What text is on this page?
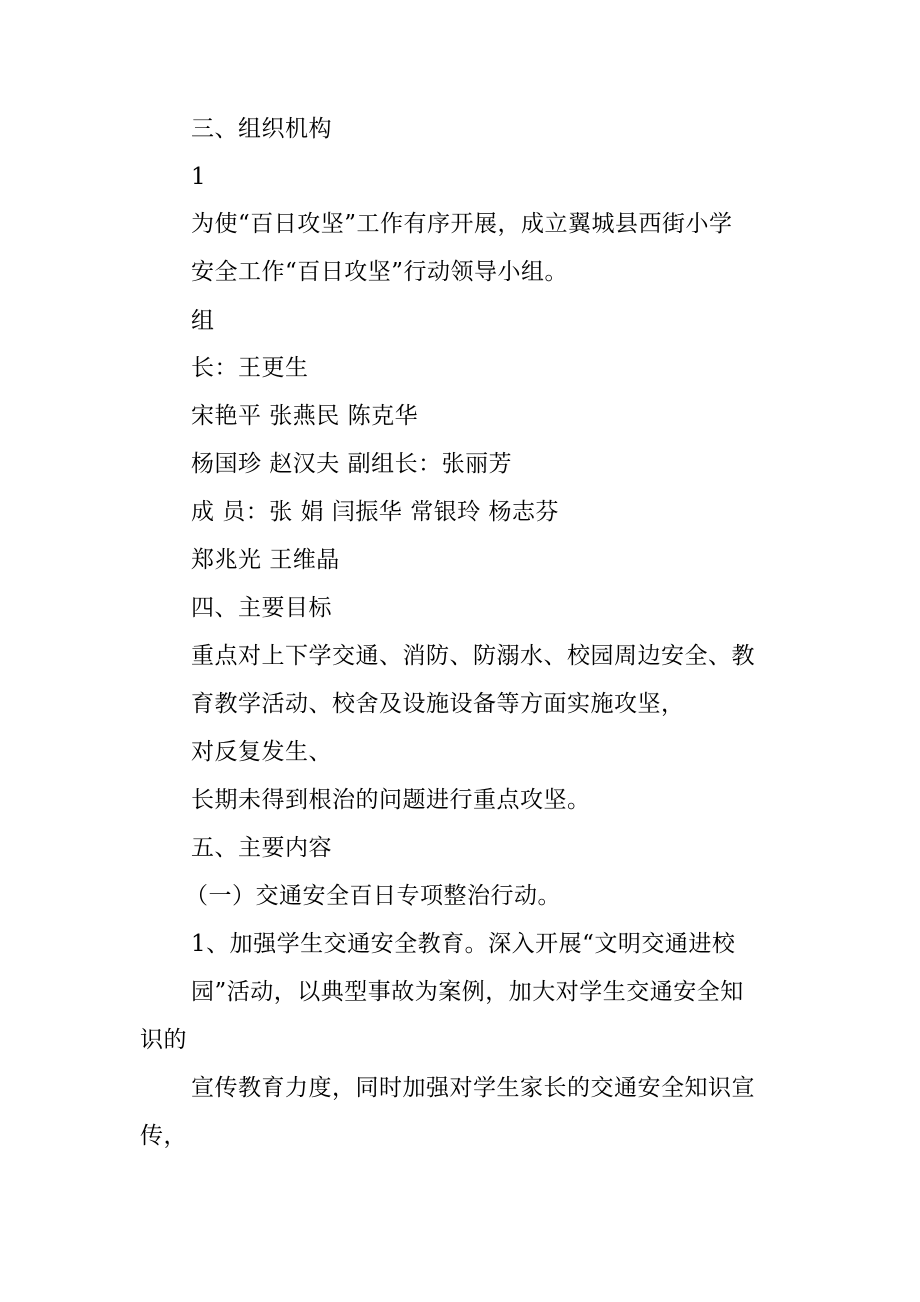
三、组织机构
1
为使“百日攻坚”工作有序开展，成立翼城县西街小学
安全工作“百日攻坚”行动领导小组。
组
长：王更生
宋艳平 张燕民 陈克华
杨国珍 赵汉夫 副组长：张丽芳
成 员：张 娟 闫振华 常银玲 杨志芬
郑兆光 王维晶
四、主要目标
重点对上下学交通、消防、防溺水、校园周边安全、教
育教学活动、校舍及设施设备等方面实施攻坚，
对反复发生、
长期未得到根治的问题进行重点攻坚。
五、主要内容
（一）交通安全百日专项整治行动。
1、加强学生交通安全教育。深入开展“文明交通进校
园”活动，以典型事故为案例，加大对学生交通安全知
识的
宣传教育力度，同时加强对学生家长的交通安全知识宣
传，
